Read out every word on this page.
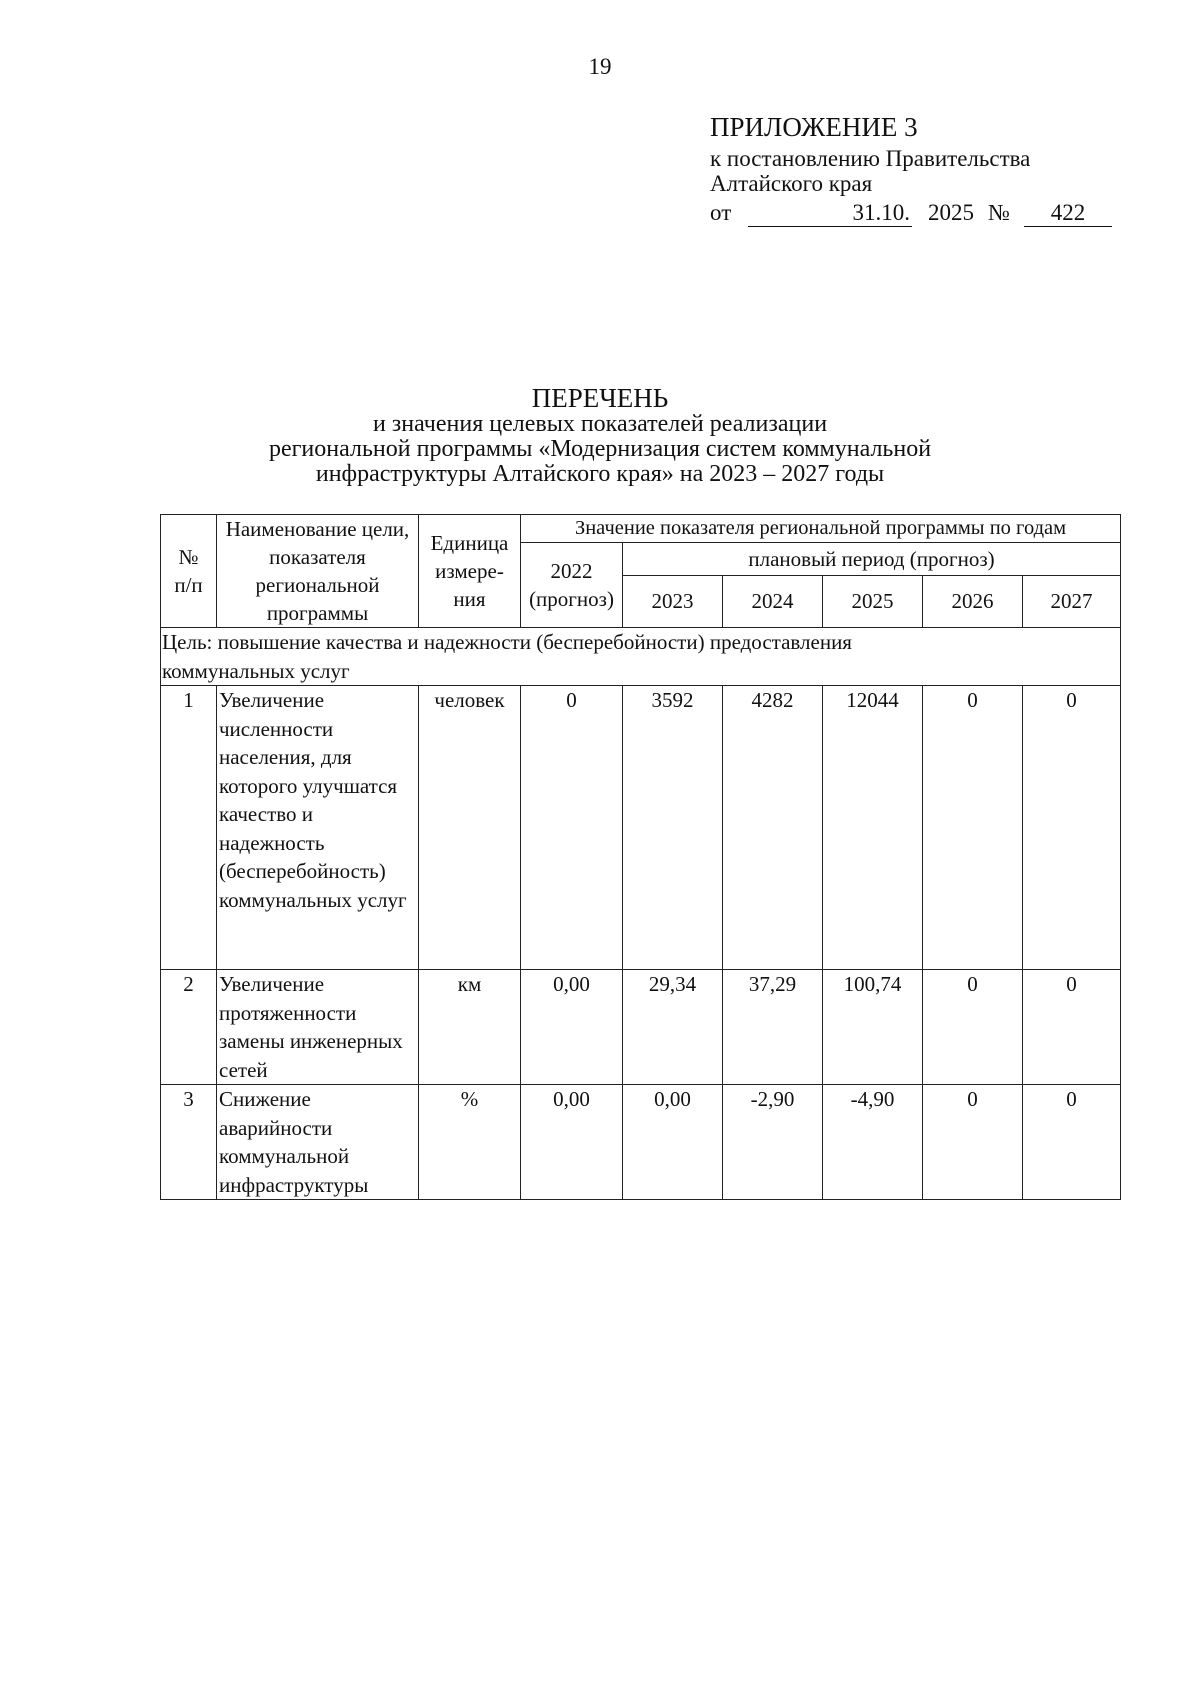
19
ПРИЛОЖЕНИЕ 3
к постановлению Правительства
Алтайского края
от	31.10. 2025 №	422
ПЕРЕЧЕНЬ
и значения целевых показателей реализации
региональной программы «Модернизация систем коммунальной
инфраструктуры Алтайского края» на 2023 – 2027 годы
№ п/п	Наименование цели, показателя региональной программы	Единица измере-ния	Значение показателя региональной программы по годам					
			2022 (прогноз)	плановый период (прогноз)				
				2023	2024	2025	2026	2027
Цель: повышение качества и надежности (бесперебойности) предоставления коммунальных услуг								
1	Увеличение численности населения, для которого улучшатся качество и надежность (бесперебойность) коммунальных услуг	человек	0	3592	4282	12044	0	0
2	Увеличение протяженности замены инженерных сетей	км	0,00	29,34	37,29	100,74	0	0
3	Снижение аварийности коммунальной инфраструктуры	%	0,00	0,00	-2,90	-4,90	0	0
